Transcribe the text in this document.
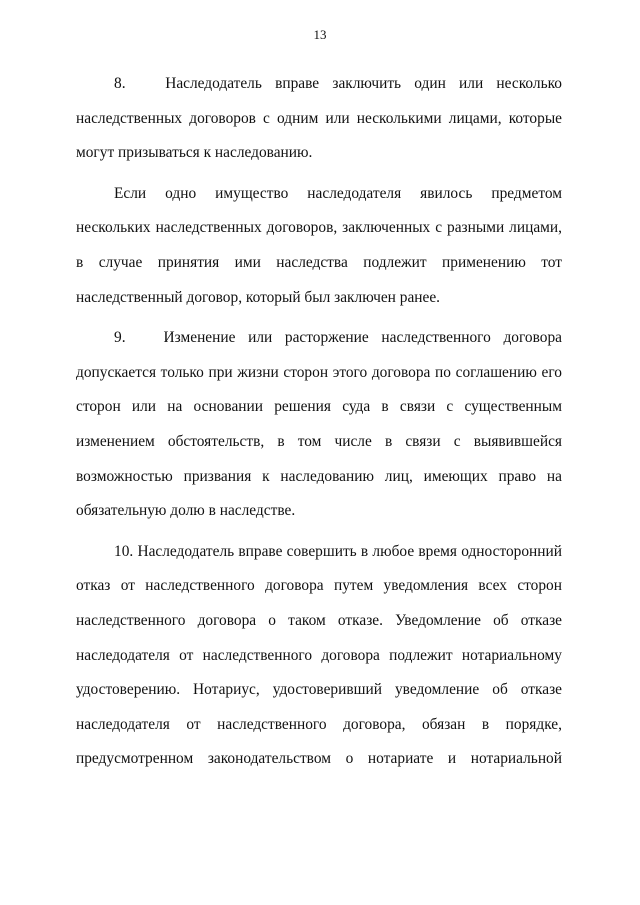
13

8.   Наследодатель вправе заключить один или несколько наследственных договоров с одним или несколькими лицами, которые могут призываться к наследованию.

Если одно имущество наследодателя явилось предметом нескольких наследственных договоров, заключенных с разными лицами, в случае принятия ими наследства подлежит применению тот наследственный договор, который был заключен ранее.

9.   Изменение или расторжение наследственного договора допускается только при жизни сторон этого договора по соглашению его сторон или на основании решения суда в связи с существенным изменением обстоятельств, в том числе в связи с выявившейся возможностью призвания к наследованию лиц, имеющих право на обязательную долю в наследстве.

10. Наследодатель вправе совершить в любое время односторонний отказ от наследственного договора путем уведомления всех сторон наследственного договора о таком отказе. Уведомление об отказе наследодателя от наследственного договора подлежит нотариальному удостоверению. Нотариус, удостоверивший уведомление об отказе наследодателя от наследственного договора, обязан в порядке, предусмотренном законодательством о нотариате и нотариальной
